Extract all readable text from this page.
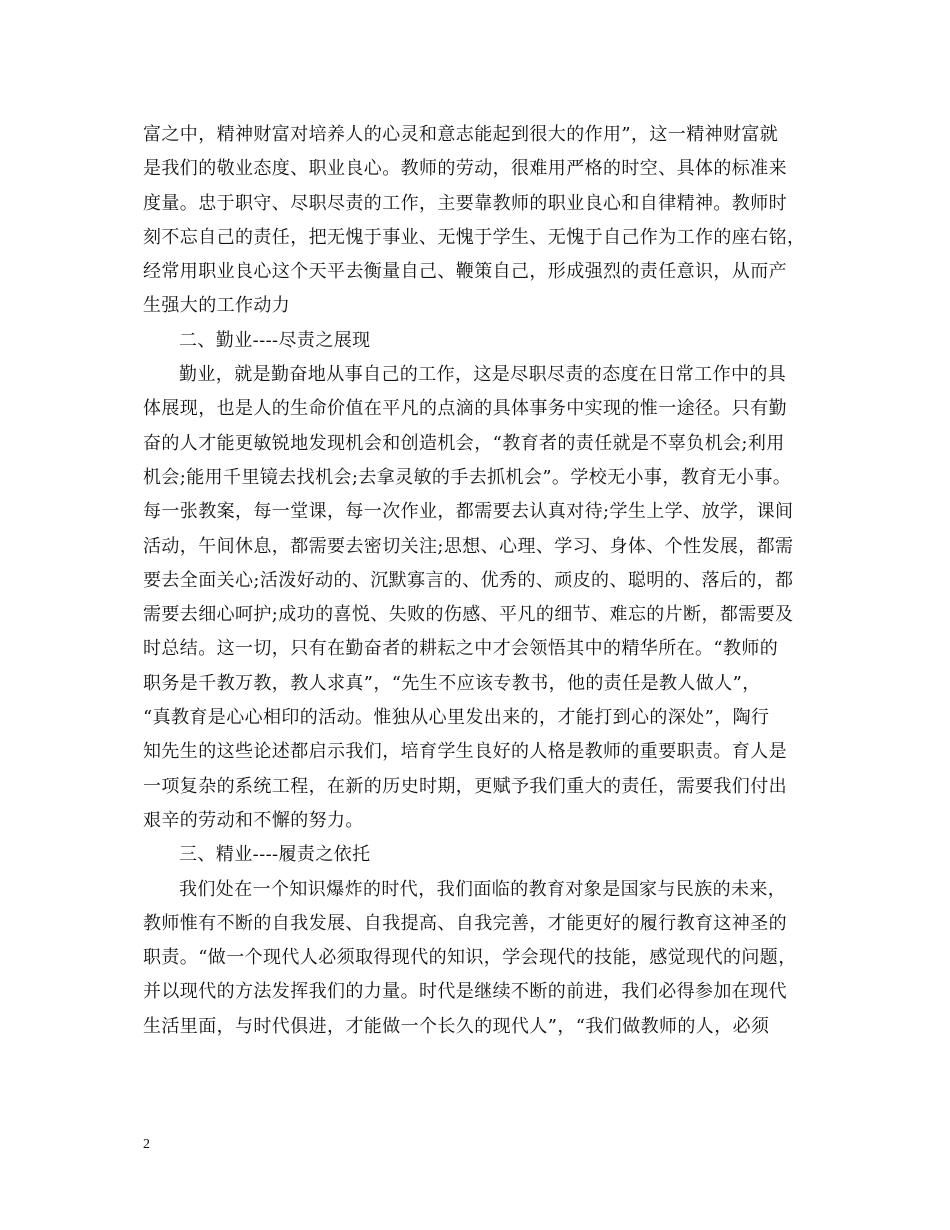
富之中，精神财富对培养人的心灵和意志能起到很大的作用”，这一精神财富就
是我们的敬业态度、职业良心。教师的劳动，很难用严格的时空、具体的标准来
度量。忠于职守、尽职尽责的工作，主要靠教师的职业良心和自律精神。教师时
刻不忘自己的责任，把无愧于事业、无愧于学生、无愧于自己作为工作的座右铭，
经常用职业良心这个天平去衡量自己、鞭策自己，形成强烈的责任意识，从而产
生强大的工作动力
二、勤业----尽责之展现
勤业，就是勤奋地从事自己的工作，这是尽职尽责的态度在日常工作中的具
体展现，也是人的生命价值在平凡的点滴的具体事务中实现的惟一途径。只有勤
奋的人才能更敏锐地发现机会和创造机会，“教育者的责任就是不辜负机会;利用
机会;能用千里镜去找机会;去拿灵敏的手去抓机会”。学校无小事，教育无小事。
每一张教案，每一堂课，每一次作业，都需要去认真对待;学生上学、放学，课间
活动，午间休息，都需要去密切关注;思想、心理、学习、身体、个性发展，都需
要去全面关心;活泼好动的、沉默寡言的、优秀的、顽皮的、聪明的、落后的，都
需要去细心呵护;成功的喜悦、失败的伤感、平凡的细节、难忘的片断，都需要及
时总结。这一切，只有在勤奋者的耕耘之中才会领悟其中的精华所在。“教师的
职务是千教万教，教人求真”，“先生不应该专教书，他的责任是教人做人”，
“真教育是心心相印的活动。惟独从心里发出来的，才能打到心的深处”，陶行
知先生的这些论述都启示我们，培育学生良好的人格是教师的重要职责。育人是
一项复杂的系统工程，在新的历史时期，更赋予我们重大的责任，需要我们付出
艰辛的劳动和不懈的努力。
三、精业----履责之依托
我们处在一个知识爆炸的时代，我们面临的教育对象是国家与民族的未来，
教师惟有不断的自我发展、自我提高、自我完善，才能更好的履行教育这神圣的
职责。“做一个现代人必须取得现代的知识，学会现代的技能，感觉现代的问题，
并以现代的方法发挥我们的力量。时代是继续不断的前进，我们必得参加在现代
生活里面，与时代俱进，才能做一个长久的现代人”，“我们做教师的人，必须
2
